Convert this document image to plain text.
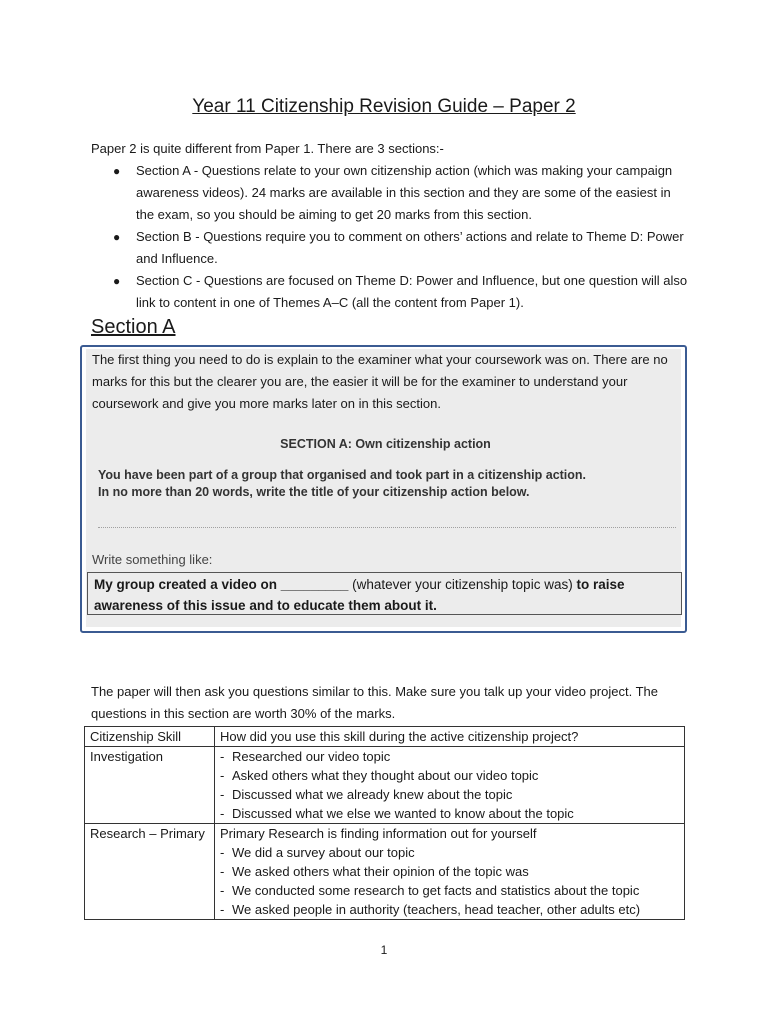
Year 11 Citizenship Revision Guide – Paper 2
Paper 2 is quite different from Paper 1. There are 3 sections:-
● Section A - Questions relate to your own citizenship action (which was making your campaign awareness videos). 24 marks are available in this section and they are some of the easiest in the exam, so you should be aiming to get 20 marks from this section.
● Section B - Questions require you to comment on others’ actions and relate to Theme D: Power and Influence.
● Section C - Questions are focused on Theme D: Power and Influence, but one question will also link to content in one of Themes A–C (all the content from Paper 1).
Section A
The first thing you need to do is explain to the examiner what your coursework was on. There are no marks for this but the clearer you are, the easier it will be for the examiner to understand your coursework and give you more marks later on in this section.
SECTION A: Own citizenship action
You have been part of a group that organised and took part in a citizenship action.
In no more than 20 words, write the title of your citizenship action below.
Write something like:
My group created a video on _________ (whatever your citizenship topic was) to raise awareness of this issue and to educate them about it.
The paper will then ask you questions similar to this. Make sure you talk up your video project. The questions in this section are worth 30% of the marks.
Citizenship Skill	How did you use this skill during the active citizenship project?
Investigation	- Researched our video topic
- Asked others what they thought about our video topic
- Discussed what we already knew about the topic
- Discussed what we else we wanted to know about the topic

Research – Primary	Primary Research is finding information out for yourself
- We did a survey about our topic
- We asked others what their opinion of the topic was
- We conducted some research to get facts and statistics about the topic
- We asked people in authority (teachers, head teacher, other adults etc)
1
